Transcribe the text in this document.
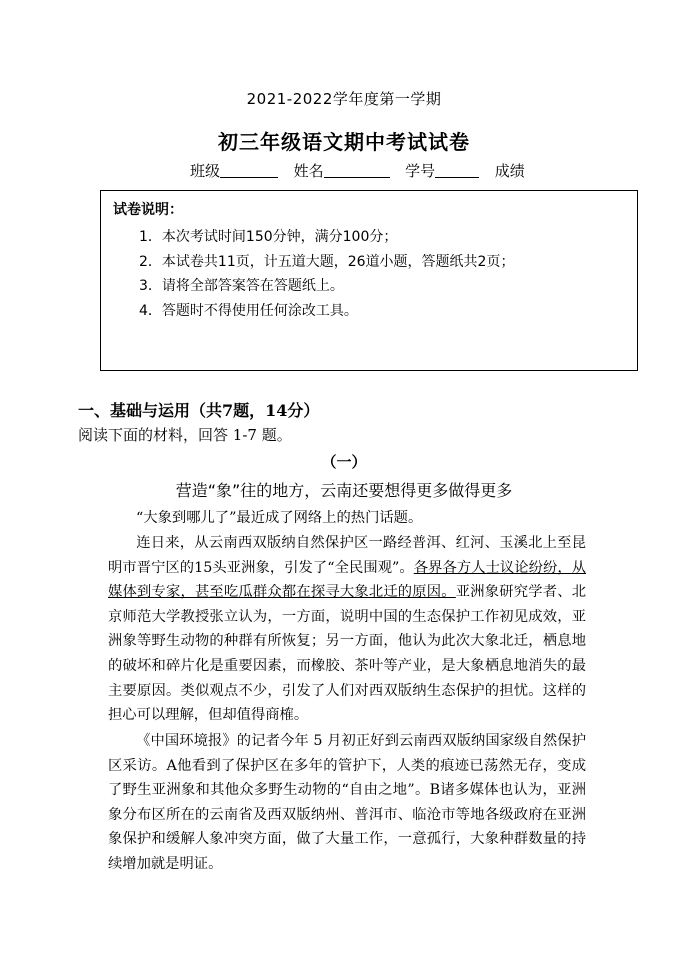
2021-2022学年度第一学期
初三年级语文期中考试试卷
班级	姓名	学号	成绩
试卷说明：
1．本次考试时间150分钟，满分100分；
2．本试卷共11页，计五道大题，26道小题，答题纸共2页；
3．请将全部答案答在答题纸上。
4．答题时不得使用任何涂改工具。
一、基础与运用（共7题，14分）
阅读下面的材料，回答 1-7 题。
（一）
营造“象”往的地方，云南还要想得更多做得更多
“大象到哪儿了”最近成了网络上的热门话题。
连日来，从云南西双版纳自然保护区一路经普洱、红河、玉溪北上至昆明市晋宁区的15头亚洲象，引发了“全民围观”。各界各方人士议论纷纷，从媒体到专家，甚至吃瓜群众都在探寻大象北迁的原因。亚洲象研究学者、北京师范大学教授张立认为，一方面，说明中国的生态保护工作初见成效，亚洲象等野生动物的种群有所恢复；另一方面，他认为此次大象北迁，栖息地的破坏和碎片化是重要因素，而橡胶、茶叶等产业，是大象栖息地消失的最主要原因。类似观点不少，引发了人们对西双版纳生态保护的担忧。这样的担心可以理解，但却值得商榷。
《中国环境报》的记者今年 5 月初正好到云南西双版纳国家级自然保护区采访。A他看到了保护区在多年的管护下，人类的痕迹已荡然无存，变成了野生亚洲象和其他众多野生动物的“自由之地”。B诸多媒体也认为，亚洲象分布区所在的云南省及西双版纳州、普洱市、临沧市等地各级政府在亚洲象保护和缓解人象冲突方面，做了大量工作，一意孤行，大象种群数量的持续增加就是明证。
